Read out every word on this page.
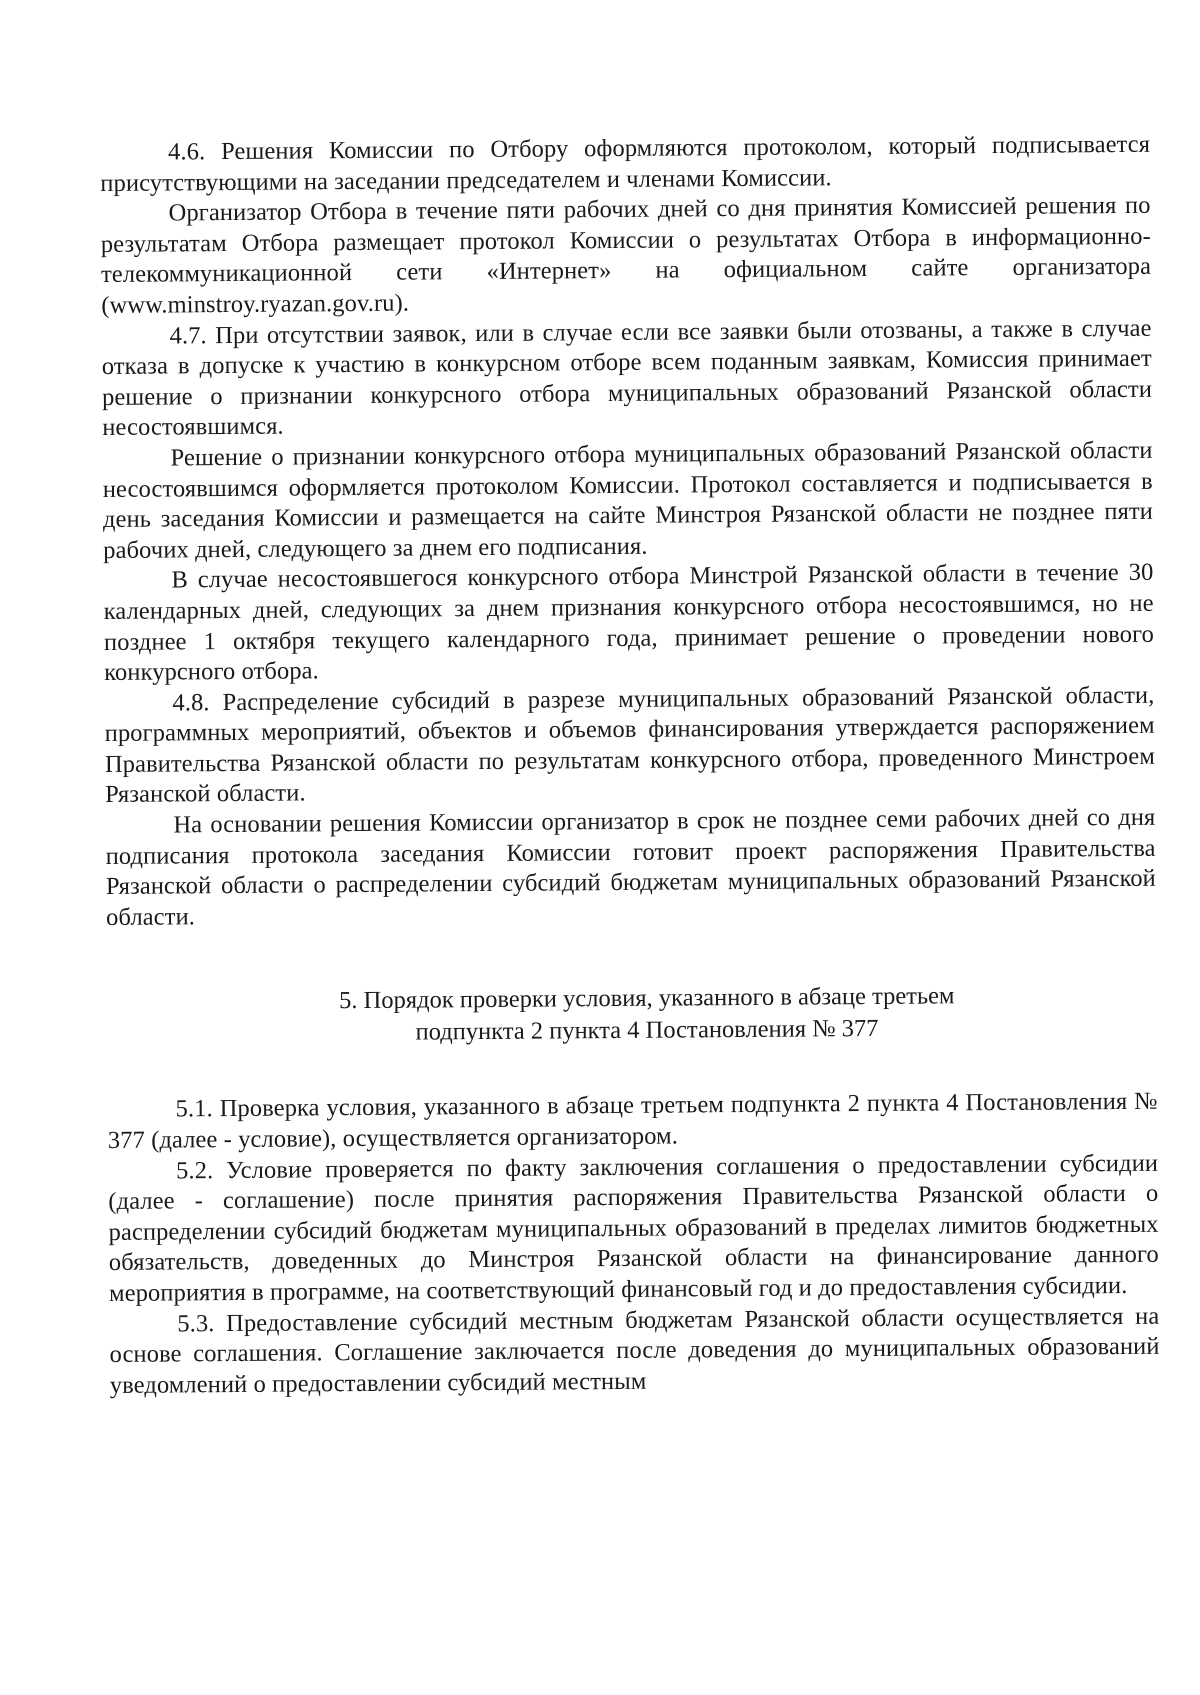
4.6. Решения Комиссии по Отбору оформляются протоколом, который подписывается присутствующими на заседании председателем и членами Комиссии.

Организатор Отбора в течение пяти рабочих дней со дня принятия Комиссией решения по результатам Отбора размещает протокол Комиссии о результатах Отбора в информационно-телекоммуникационной сети «Интернет» на официальном сайте организатора (www.minstroy.ryazan.gov.ru).

4.7. При отсутствии заявок, или в случае если все заявки были отозваны, а также в случае отказа в допуске к участию в конкурсном отборе всем поданным заявкам, Комиссия принимает решение о признании конкурсного отбора муниципальных образований Рязанской области несостоявшимся.

Решение о признании конкурсного отбора муниципальных образований Рязанской области несостоявшимся оформляется протоколом Комиссии. Протокол составляется и подписывается в день заседания Комиссии и размещается на сайте Минстроя Рязанской области не позднее пяти рабочих дней, следующего за днем его подписания.

В случае несостоявшегося конкурсного отбора Минстрой Рязанской области в течение 30 календарных дней, следующих за днем признания конкурсного отбора несостоявшимся, но не позднее 1 октября текущего календарного года, принимает решение о проведении нового конкурсного отбора.

4.8. Распределение субсидий в разрезе муниципальных образований Рязанской области, программных мероприятий, объектов и объемов финансирования утверждается распоряжением Правительства Рязанской области по результатам конкурсного отбора, проведенного Минстроем Рязанской области.

На основании решения Комиссии организатор в срок не позднее семи рабочих дней со дня подписания протокола заседания Комиссии готовит проект распоряжения Правительства Рязанской области о распределении субсидий бюджетам муниципальных образований Рязанской области.

5. Порядок проверки условия, указанного в абзаце третьем
подпункта 2 пункта 4 Постановления № 377

5.1. Проверка условия, указанного в абзаце третьем подпункта 2 пункта 4 Постановления № 377 (далее - условие), осуществляется организатором.

5.2. Условие проверяется по факту заключения соглашения о предоставлении субсидии (далее - соглашение) после принятия распоряжения Правительства Рязанской области о распределении субсидий бюджетам муниципальных образований в пределах лимитов бюджетных обязательств, доведенных до Минстроя Рязанской области на финансирование данного мероприятия в программе, на соответствующий финансовый год и до предоставления субсидии.

5.3. Предоставление субсидий местным бюджетам Рязанской области осуществляется на основе соглашения. Соглашение заключается после доведения до муниципальных образований уведомлений о предоставлении субсидий местным
